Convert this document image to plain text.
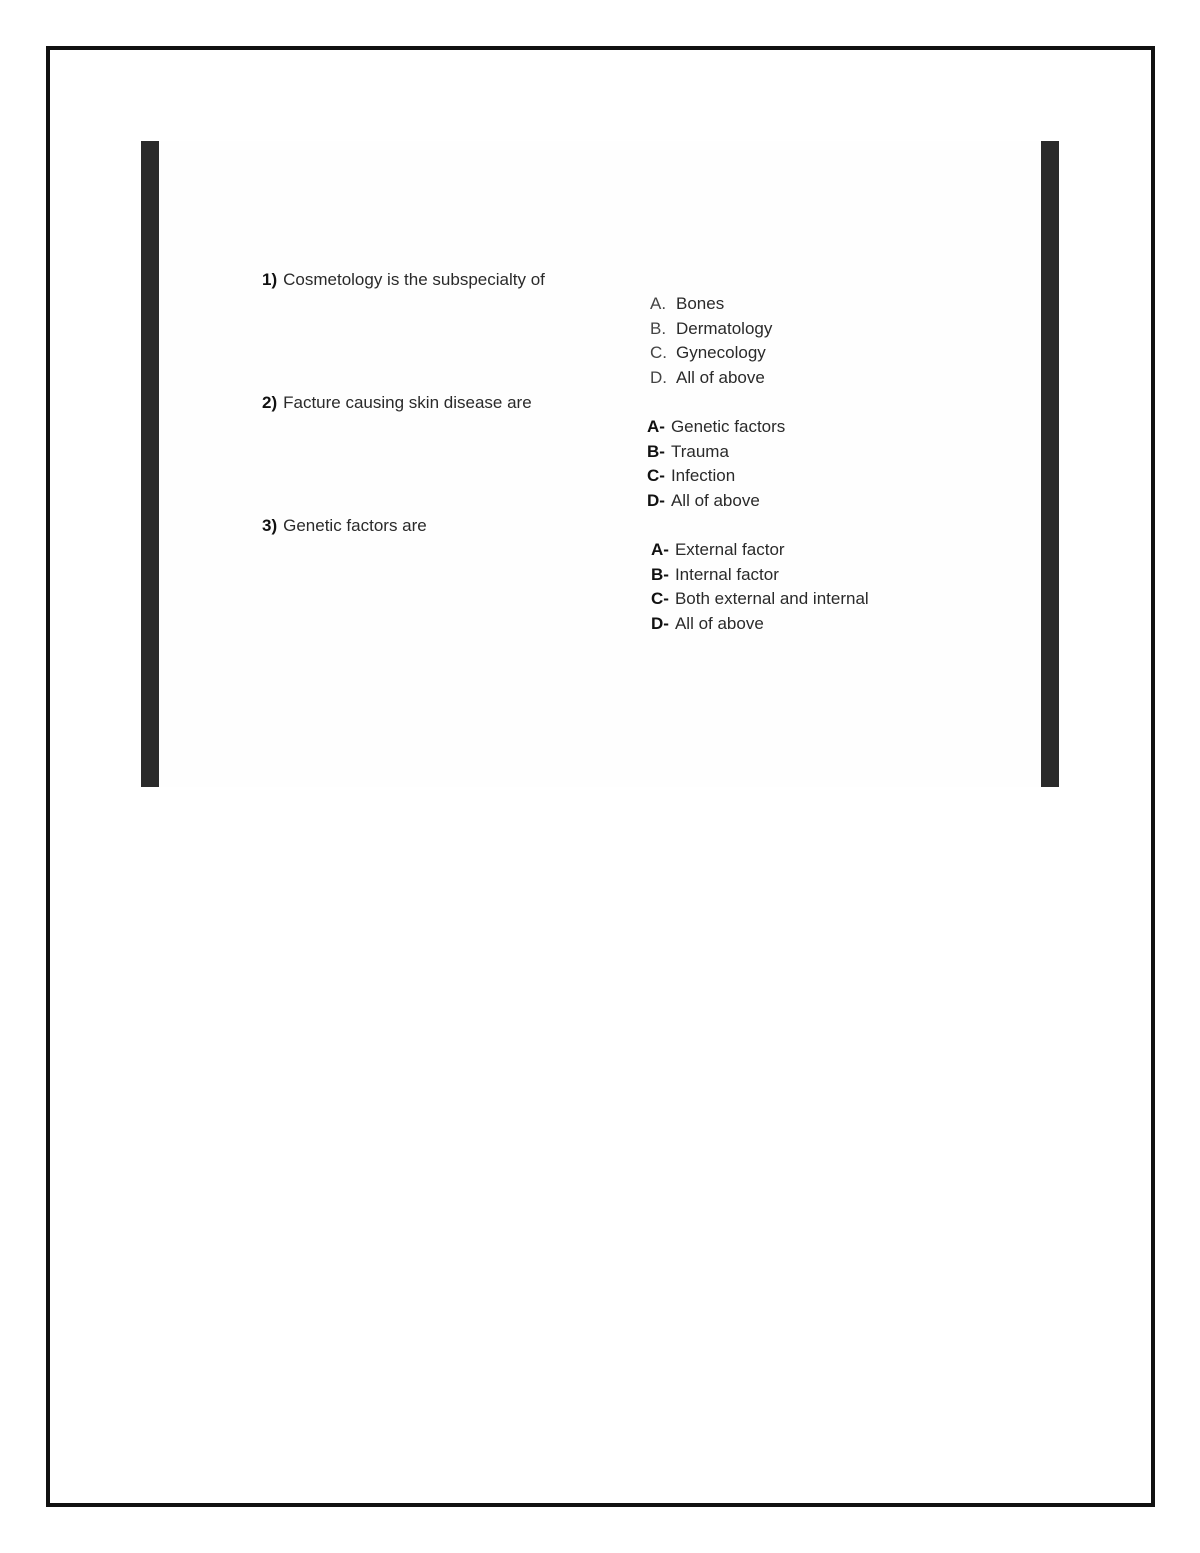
1) Cosmetology is the subspecialty of
A. Bones
B. Dermatology
C. Gynecology
D. All of above
2) Facture causing skin disease are
A- Genetic factors
B- Trauma
C- Infection
D- All of above
3) Genetic factors are
A- External factor
B- Internal factor
C- Both external and internal
D- All of above
